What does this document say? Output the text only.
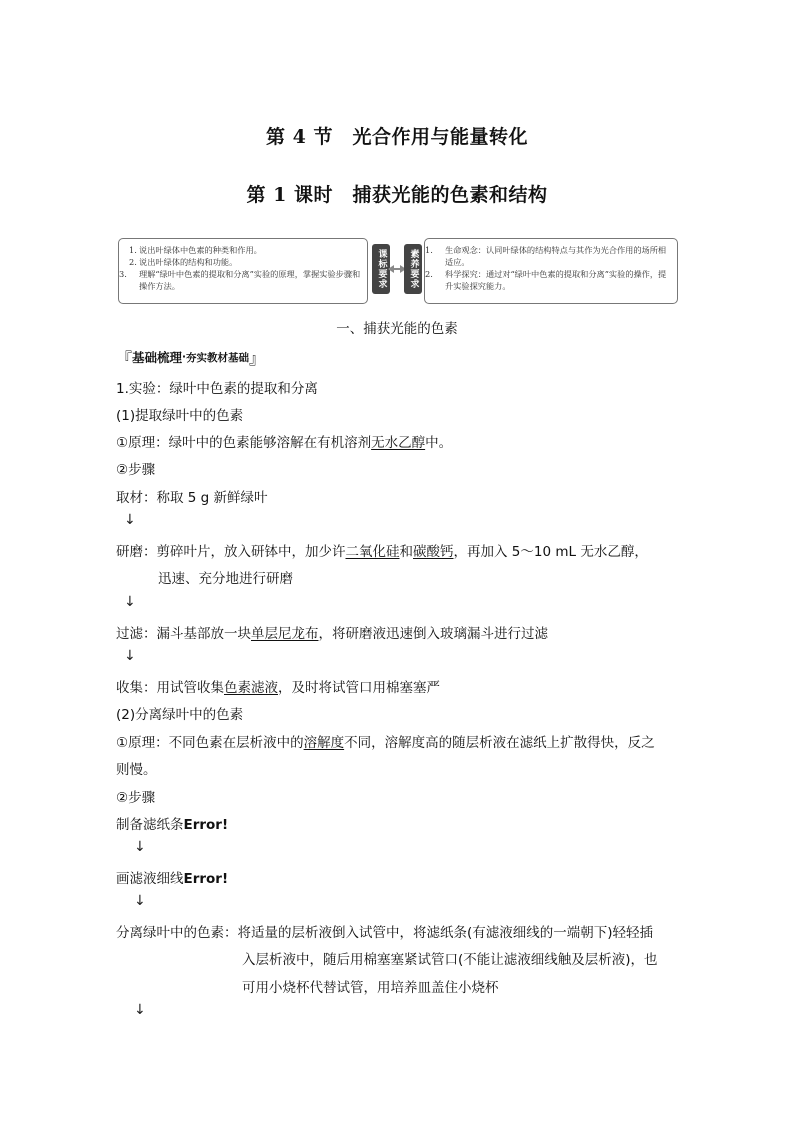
第 4 节　光合作用与能量转化
第 1 课时　捕获光能的色素和结构
1. 说出叶绿体中色素的种类和作用。
2. 说出叶绿体的结构和功能。
3. 理解“绿叶中色素的提取和分离”实验的原理，掌握实验步骤和操作方法。	课标要求 素养要求 1. 生命观念：认同叶绿体的结构特点与其作为光合作用的场所相适应。
2. 科学探究：通过对“绿叶中色素的提取和分离”实验的操作，提升实验探究能力。
一、捕获光能的色素
『 基础梳理 · 夯实教材基础 』
1.实验：绿叶中色素的提取和分离
(1)提取绿叶中的色素
①原理：绿叶中的色素能够溶解在有机溶剂无水乙醇中。
②步骤
取材：称取 5 g 新鲜绿叶
↓
研磨：剪碎叶片，放入研钵中，加少许二氧化硅和碳酸钙，再加入 5～10 mL 无水乙醇，
迅速、充分地进行研磨
↓
过滤：漏斗基部放一块单层尼龙布，将研磨液迅速倒入玻璃漏斗进行过滤
↓
收集：用试管收集色素滤液，及时将试管口用棉塞塞严
(2)分离绿叶中的色素
①原理：不同色素在层析液中的溶解度不同，溶解度高的随层析液在滤纸上扩散得快，反之
则慢。
②步骤
制备滤纸条Error!
↓
画滤液细线Error!
↓
分离绿叶中的色素：将适量的层析液倒入试管中，将滤纸条(有滤液细线的一端朝下)轻轻插
入层析液中，随后用棉塞塞紧试管口(不能让滤液细线触及层析液)，也
可用小烧杯代替试管，用培养皿盖住小烧杯
↓
